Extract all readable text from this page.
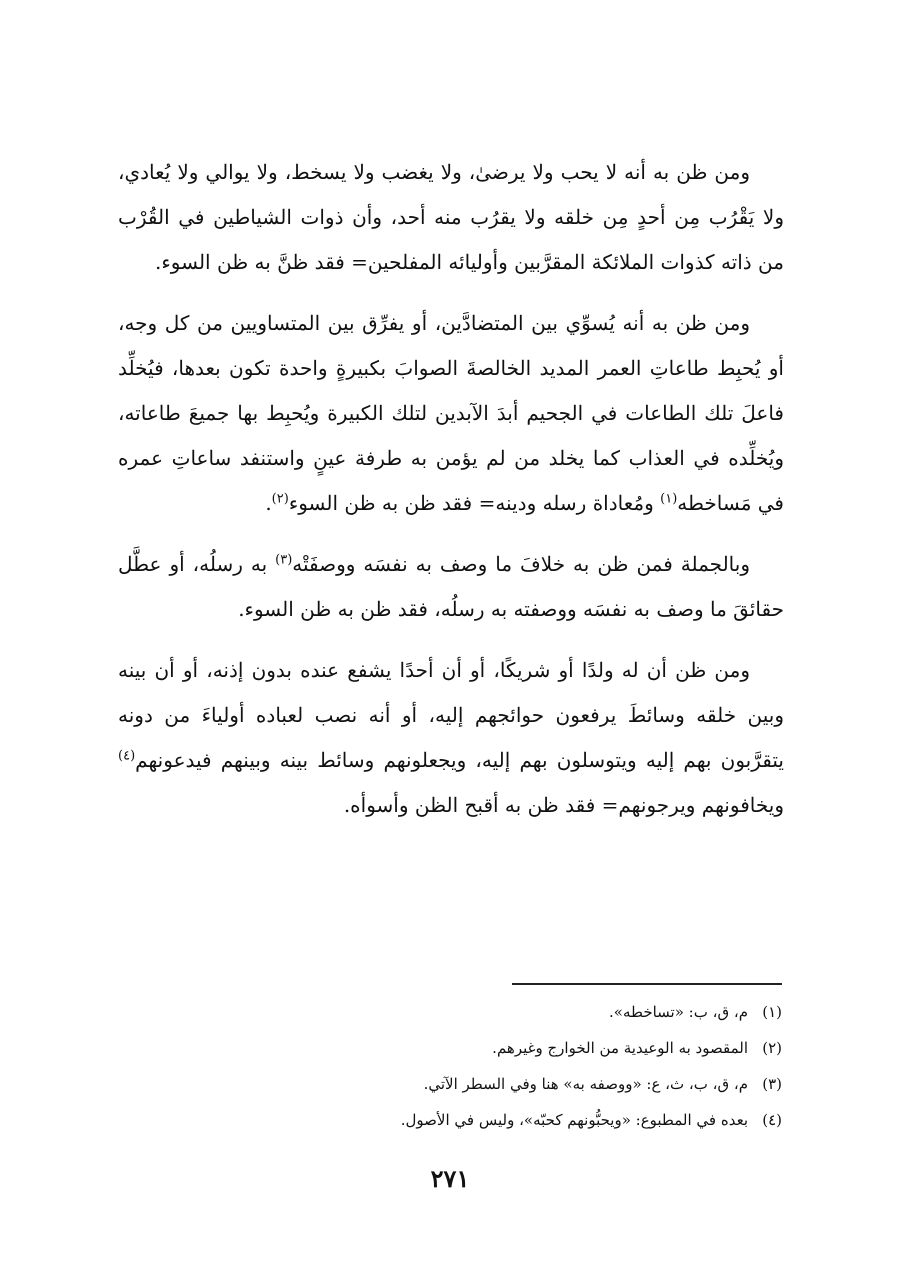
ومن ظن به أنه لا يحب ولا يرضىٰ، ولا يغضب ولا يسخط، ولا يوالي ولا يُعادي، ولا يَقْرُب مِن أحدٍ مِن خلقه ولا يقرُب منه أحد، وأن ذوات الشياطين في القُرْب من ذاته كذوات الملائكة المقرَّبين وأوليائه المفلحين= فقد ظنَّ به ظن السوء.

ومن ظن به أنه يُسوِّي بين المتضادَّين، أو يفرِّق بين المتساويين من كل وجه، أو يُحبِط طاعاتِ العمر المديد الخالصةَ الصوابَ بكبيرةٍ واحدة تكون بعدها، فيُخلِّد فاعلَ تلك الطاعات في الجحيم أبدَ الآبدين لتلك الكبيرة ويُحبِط بها جميعَ طاعاته، ويُخلِّده في العذاب كما يخلد من لم يؤمن به طرفة عينٍ واستنفد ساعاتِ عمره في مَساخطه$^{(١)}$ ومُعاداة رسله ودينه= فقد ظن به ظن السوء$^{(٢)}$.

وبالجملة فمن ظن به خلافَ ما وصف به نفسَه ووصفَتْه$^{(٣)}$ به رسلُه، أو عطَّل حقائقَ ما وصف به نفسَه ووصفته به رسلُه، فقد ظن به ظن السوء.

ومن ظن أن له ولدًا أو شريكًا، أو أن أحدًا يشفع عنده بدون إذنه، أو أن بينه وبين خلقه وسائطَ يرفعون حوائجهم إليه، أو أنه نصب لعباده أولياءَ من دونه يتقرَّبون بهم إليه ويتوسلون بهم إليه، ويجعلونهم وسائط بينه وبينهم فيدعونهم$^{(٤)}$ ويخافونهم ويرجونهم= فقد ظن به أقبح الظن وأسوأه.

(١)
م، ق، ب: «تساخطه».
(٢)
المقصود به الوعيدية من الخوارج وغيرهم.
(٣)
م، ق، ب، ث، ع: «ووصفه به» هنا وفي السطر الآتي.
(٤)
بعده في المطبوع: «ويحبُّونهم كحبّه»، وليس في الأصول.
٢٧١
